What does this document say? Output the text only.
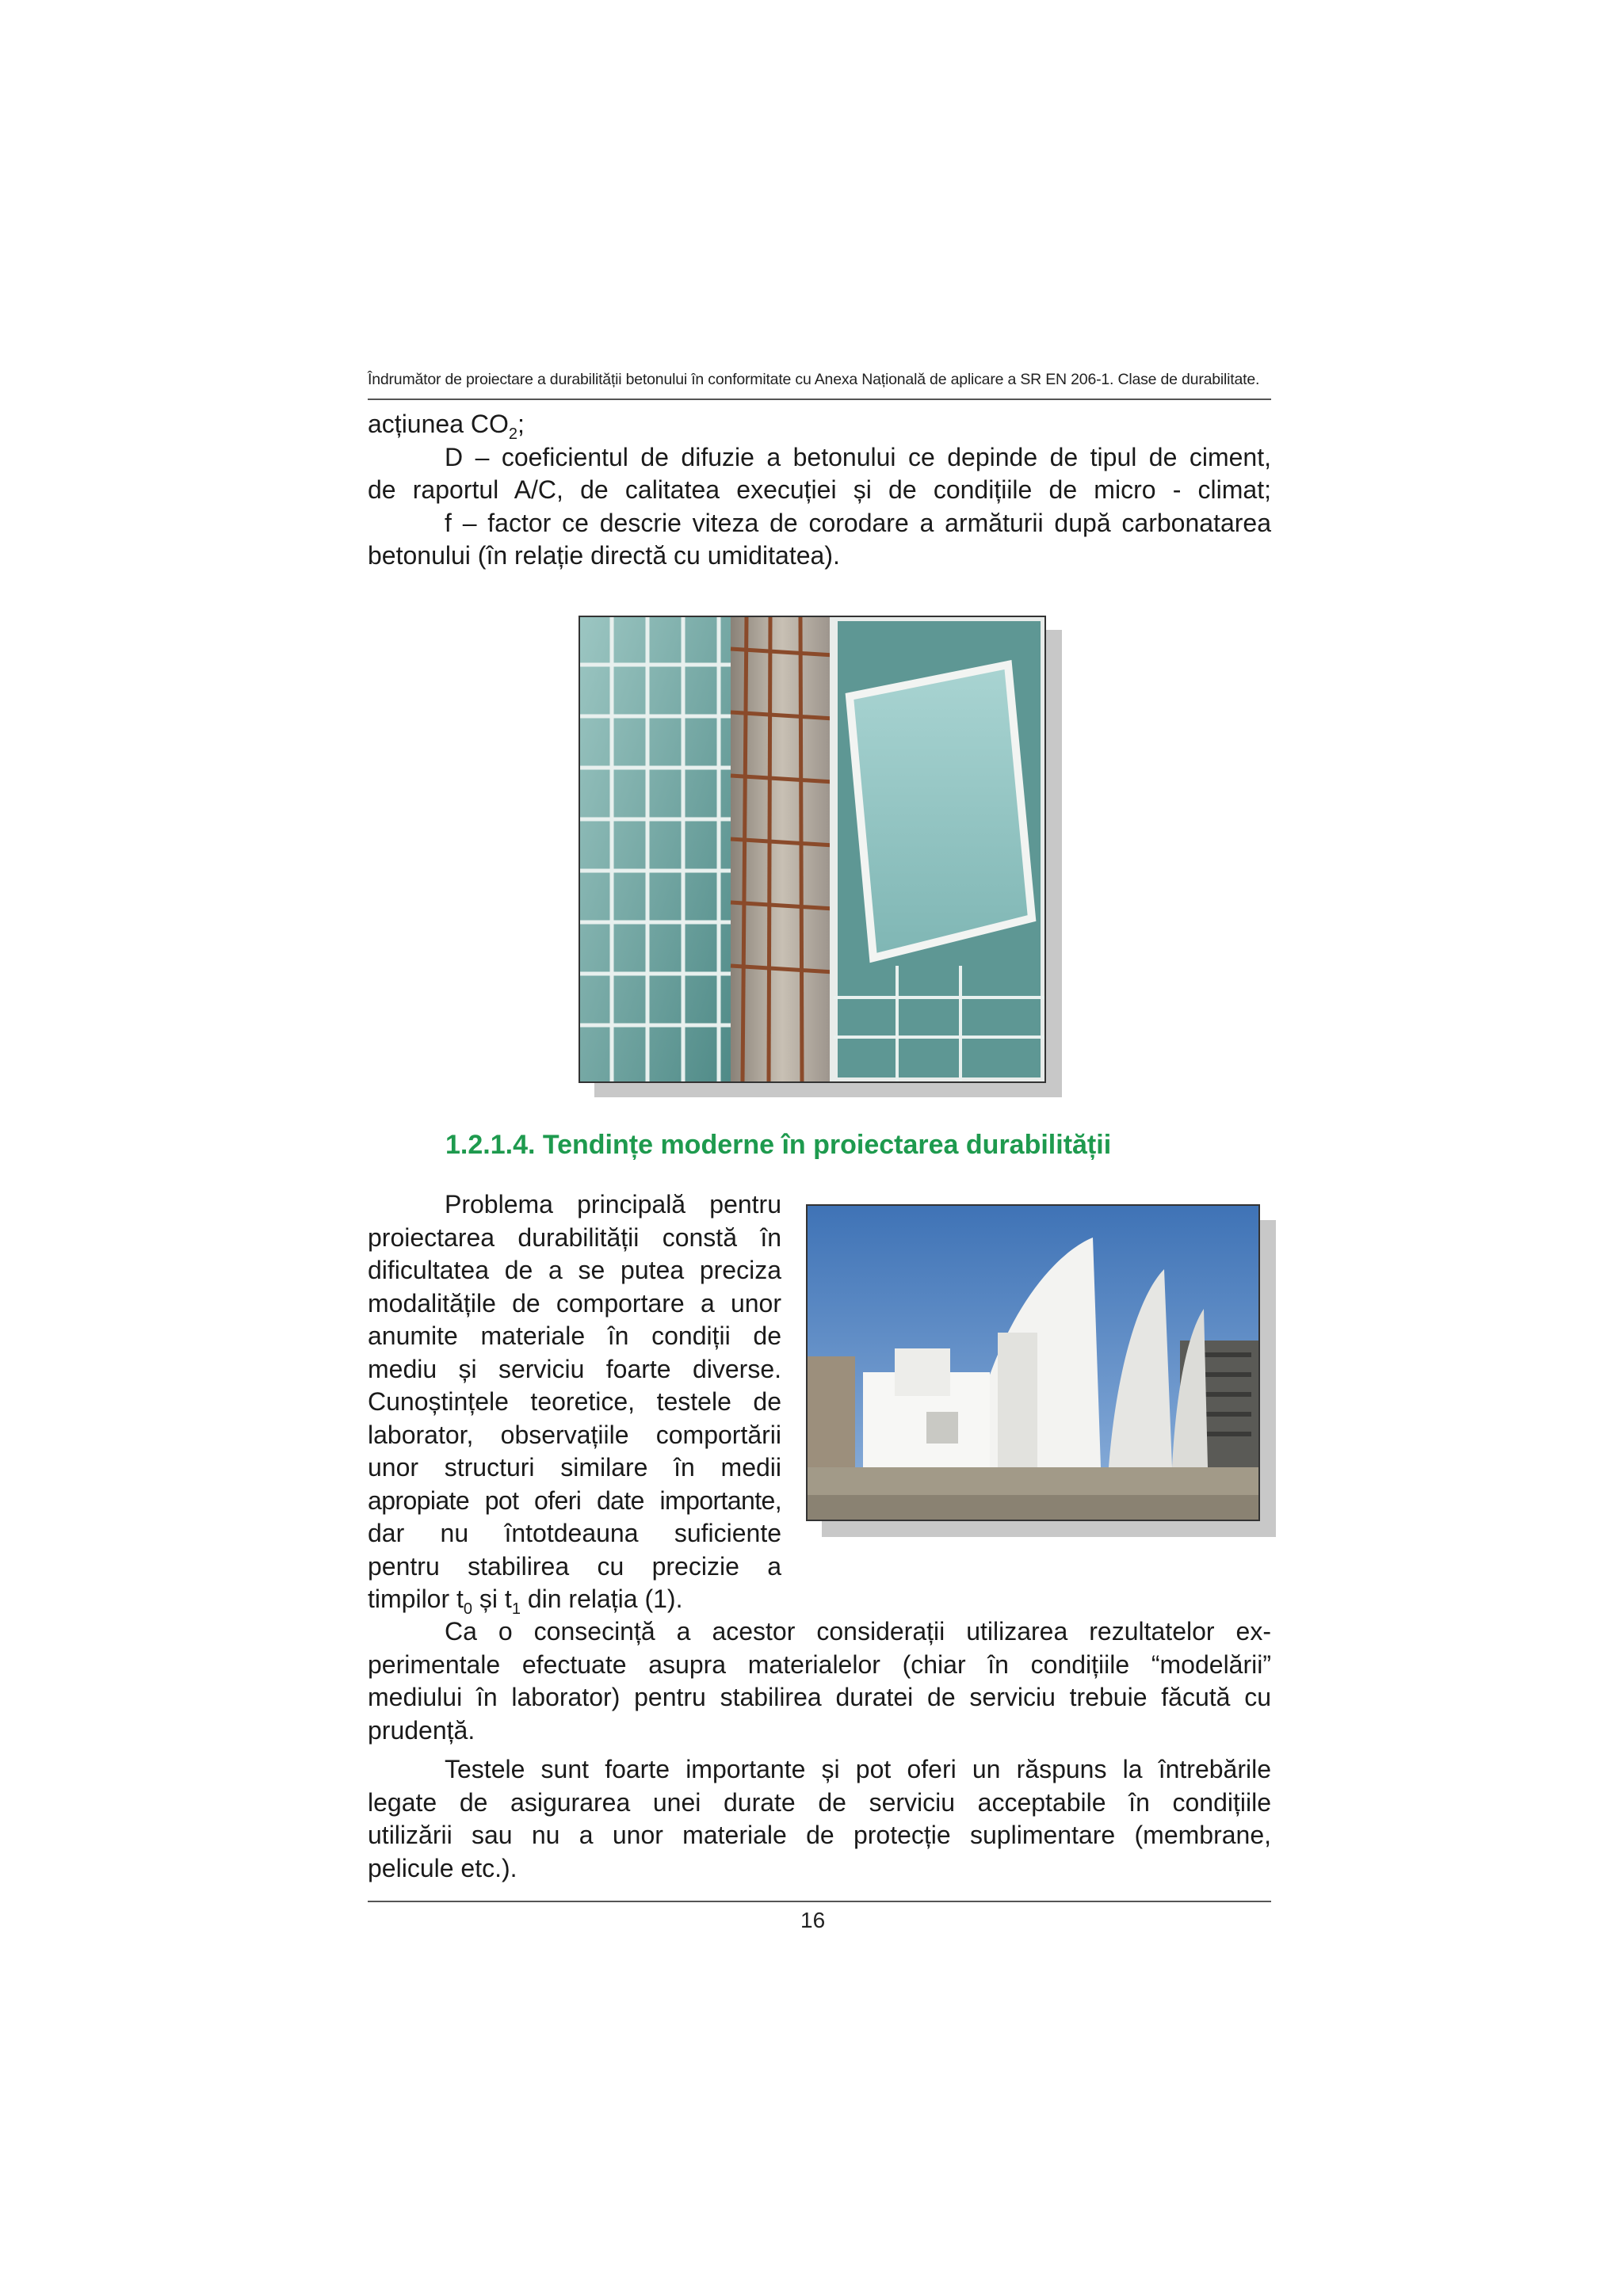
Îndrumător de proiectare a durabilității betonului în conformitate cu Anexa Națională de aplicare a SR EN 206-1. Clase de durabilitate.
acțiunea $CO_2$;
D – coeficientul de difuzie a betonului ce depinde de tipul de ciment,
de raportul A/C, de calitatea execuției și de condițiile de micro - climat;
f – factor ce descrie viteza de corodare a armăturii după carbonatarea
betonului (în relație directă cu umiditatea).
1.2.1.4. Tendințe moderne în proiectarea durabilității
Problema principală pentru
proiectarea durabilității constă în
dificultatea de a se putea preciza
modalitățile de comportare a unor
anumite materiale în condiții de
mediu și serviciu foarte diverse.
Cunoștințele teoretice, testele de
laborator, observațiile comportării
unor structuri similare în medii
apropiate pot oferi date importante,
dar nu întotdeauna suficiente
pentru stabilirea cu precizie a
timpilor $t_0$ și $t_1$ din relația (1).
Ca o consecință a acestor considerații utilizarea rezultatelor ex-
perimentale efectuate asupra materialelor (chiar în condițiile “modelării”
mediului în laborator) pentru stabilirea duratei de serviciu trebuie făcută cu
prudență.
Testele sunt foarte importante și pot oferi un răspuns la întrebările
legate de asigurarea unei durate de serviciu acceptabile în condițiile
utilizării sau nu a unor materiale de protecție suplimentare (membrane,
pelicule etc.).
16
